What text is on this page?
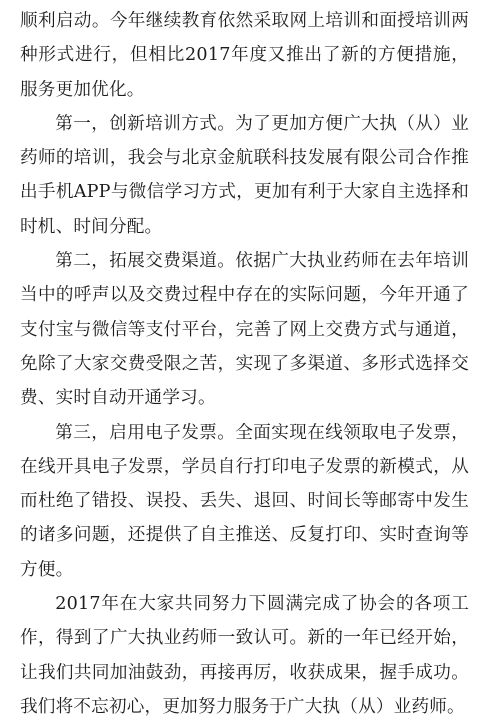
顺利启动。今年继续教育依然采取网上培训和面授培训两种形式进行，但相比2017年度又推出了新的方便措施，服务更加优化。

第一，创新培训方式。为了更加方便广大执（从）业药师的培训，我会与北京金航联科技发展有限公司合作推出手机APP与微信学习方式，更加有利于大家自主选择和时机、时间分配。

第二，拓展交费渠道。依据广大执业药师在去年培训当中的呼声以及交费过程中存在的实际问题，今年开通了支付宝与微信等支付平台，完善了网上交费方式与通道，免除了大家交费受限之苦，实现了多渠道、多形式选择交费、实时自动开通学习。

第三，启用电子发票。全面实现在线领取电子发票，在线开具电子发票，学员自行打印电子发票的新模式，从而杜绝了错投、误投、丢失、退回、时间长等邮寄中发生的诸多问题，还提供了自主推送、反复打印、实时查询等方便。

2017年在大家共同努力下圆满完成了协会的各项工作，得到了广大执业药师一致认可。新的一年已经开始，让我们共同加油鼓劲，再接再厉，收获成果，握手成功。我们将不忘初心，更加努力服务于广大执（从）业药师。
